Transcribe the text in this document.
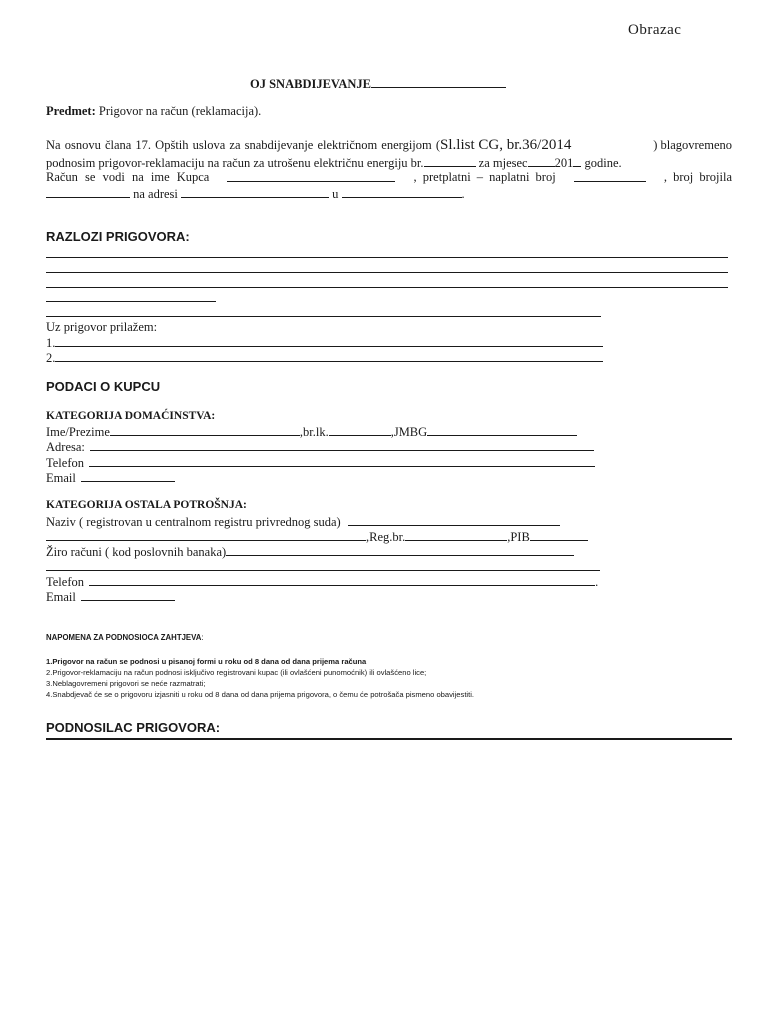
Obrazac
OJ SNABDIJEVANJE
Predmet: Prigovor na račun (reklamacija).
Na osnovu člana 17. Opštih uslova za snabdijevanje električnom energijom ( Sl.list CG, br.36/2014	) blagovremeno
podnosim prigovor-reklamaciju na račun za utrošenu električnu energiju br.	za mjesec 201 godine.
Račun se vodi na ime Kupca	, pretplatni – naplatni broj	, broj brojila
na adresi	u	.
RAZLOZI PRIGOVORA:
Uz prigovor prilažem:
1.
2.
PODACI O KUPCU
KATEGORIJA DOMAĆINSTVA:
Ime/Prezime	,br.lk.	,JMBG
Adresa:
Telefon
Email
KATEGORIJA OSTALA POTROŠNJA:
Naziv ( registrovan u centralnom registru privrednog suda)
,Reg.br.	,PIB
Žiro računi ( kod poslovnih banaka)
Telefon	.
Email
NAPOMENA ZA PODNOSIOCA ZAHTJEVA:
1.Prigovor na račun se podnosi u pisanoj formi u roku od 8 dana od dana prijema računa
2.Prigovor-reklamaciju na račun podnosi isključivo registrovani kupac (ili ovlašćeni punomoćnik) ili ovlašćeno lice;
3.Neblagovremeni prigovori se neće razmatrati;
4.Snabdjevač će se o prigovoru izjasniti u roku od 8 dana od dana prijema prigovora, o čemu će potrošača pismeno obavijestiti.
PODNOSILAC PRIGOVORA:
